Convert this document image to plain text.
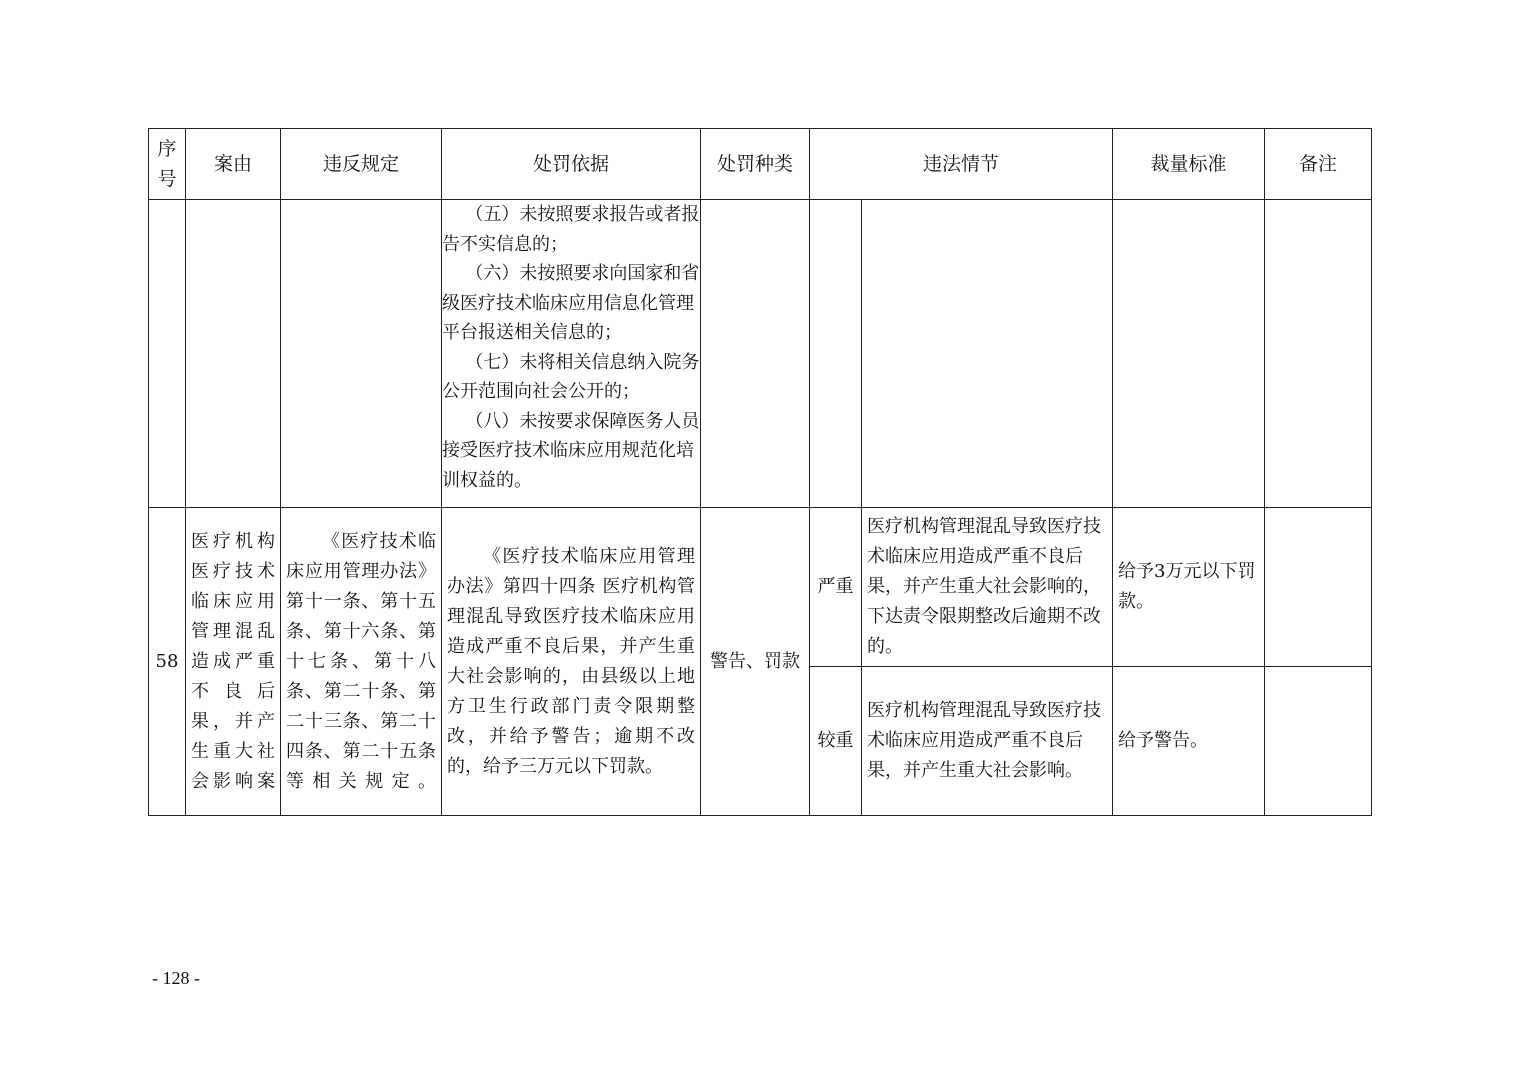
序号	案由	违反规定	处罚依据	处罚种类	违法情节		裁量标准	备注

			（五）未按照要求报告或者报告不实信息的；

（六）未按照要求向国家和省级医疗技术临床应用信息化管理平台报送相关信息的；

（七）未将相关信息纳入院务公开范围向社会公开的；

（八）未按要求保障医务人员接受医疗技术临床应用规范化培训权益的。					

58	医疗机构医疗技术临床应用管理混乱造成严重不良后果，并产生重大社会影响案	《医疗技术临床应用管理办法》第十一条、第十五条、第十六条、第十七条、第十八条、第二十条、第二十三条、第二十四条、第二十五条等相关规定。	《医疗技术临床应用管理办法》第四十四条 医疗机构管理混乱导致医疗技术临床应用造成严重不良后果，并产生重大社会影响的，由县级以上地方卫生行政部门责令限期整改，并给予警告；逾期不改的，给予三万元以下罚款。	警告、罚款	严重	医疗机构管理混乱导致医疗技术临床应用造成严重不良后果，并产生重大社会影响的，下达责令限期整改后逾期不改的。	给予3万元以下罚款。	

					较重	医疗机构管理混乱导致医疗技术临床应用造成严重不良后果，并产生重大社会影响。	给予警告。	

- 128 -
